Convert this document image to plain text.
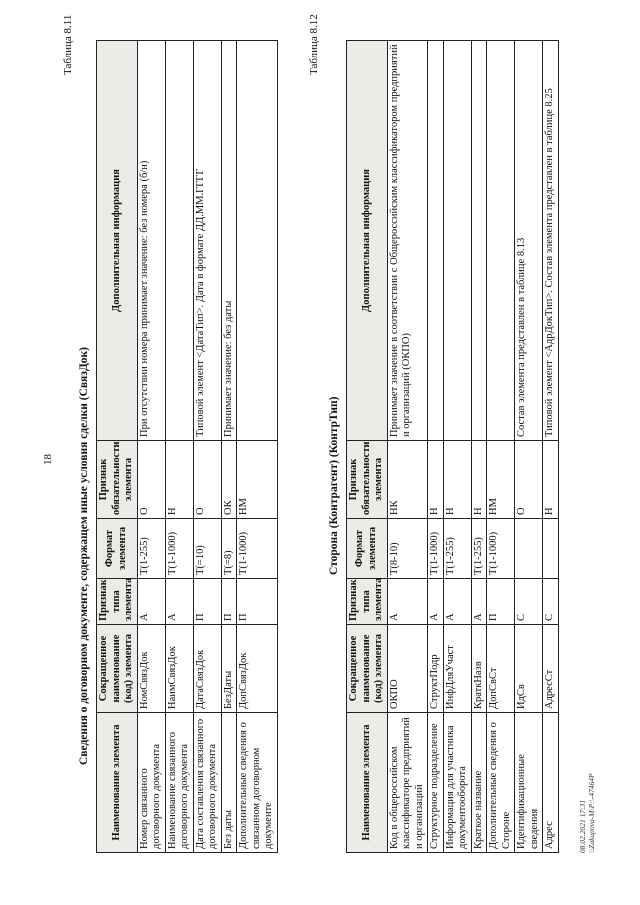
18
Таблица 8.11
Сведения о договорном документе, содержащем иные условия сделки (СвязДок)
Наименование элемента	Сокращенное наименование (код) элемента	Признак типа элемента	Формат элемента	Признак обязательности элемента	Дополнительная информация
Номер связанного договорного документа	НомСвязДок	А	Т(1-255)	О	При отсутствии номера принимает значение: без номера (б/н)
Наименование связанного договорного документа	НаимСвязДок	А	Т(1-1000)	Н	
Дата составления связанного договорного документа	ДатаСвязДок	П	Т(=10)	О	Типовой элемент <ДатаТип>. Дата в формате ДД.ММ.ГГГГ
Без даты	БезДаты	П	Т(=8)	ОК	Принимает значение: без даты
Дополнительные сведения о связанном договорном документе	ДопСвязДок	П	Т(1-1000)	НМ	
Таблица 8.12
Сторона (Контрагент) (КонтрТип)
Наименование элемента	Сокращенное наименование (код) элемента	Признак типа элемента	Формат элемента	Признак обязательности элемента	Дополнительная информация
Код в общероссийском классификаторе предприятий и организаций	ОКПО	А	Т(8-10)	НК	Принимает значение в соответствии с Общероссийским классификатором предприятий и организаций (ОКПО)
Структурное подразделение	СтруктПодр	А	Т(1-1000)	Н	
Информация для участника документооборота	ИнфДляУчаст	А	Т(1-255)	Н	
Краткое название	КраткНазв	А	Т(1-255)	Н	
Дополнительные сведения о Стороне	ДопСвСт	П	Т(1-1000)	НМ	
Идентификационные сведения	ИдСв	С		О	Состав элемента представлен в таблице 8.13
Адрес	АдресСт	С		Н	Типовой элемент <АдрДокТип>. Состав элемента представлен в таблице 8.25
08.02.2021 17:31 \\Zakupova-M\P:\-47464Р
